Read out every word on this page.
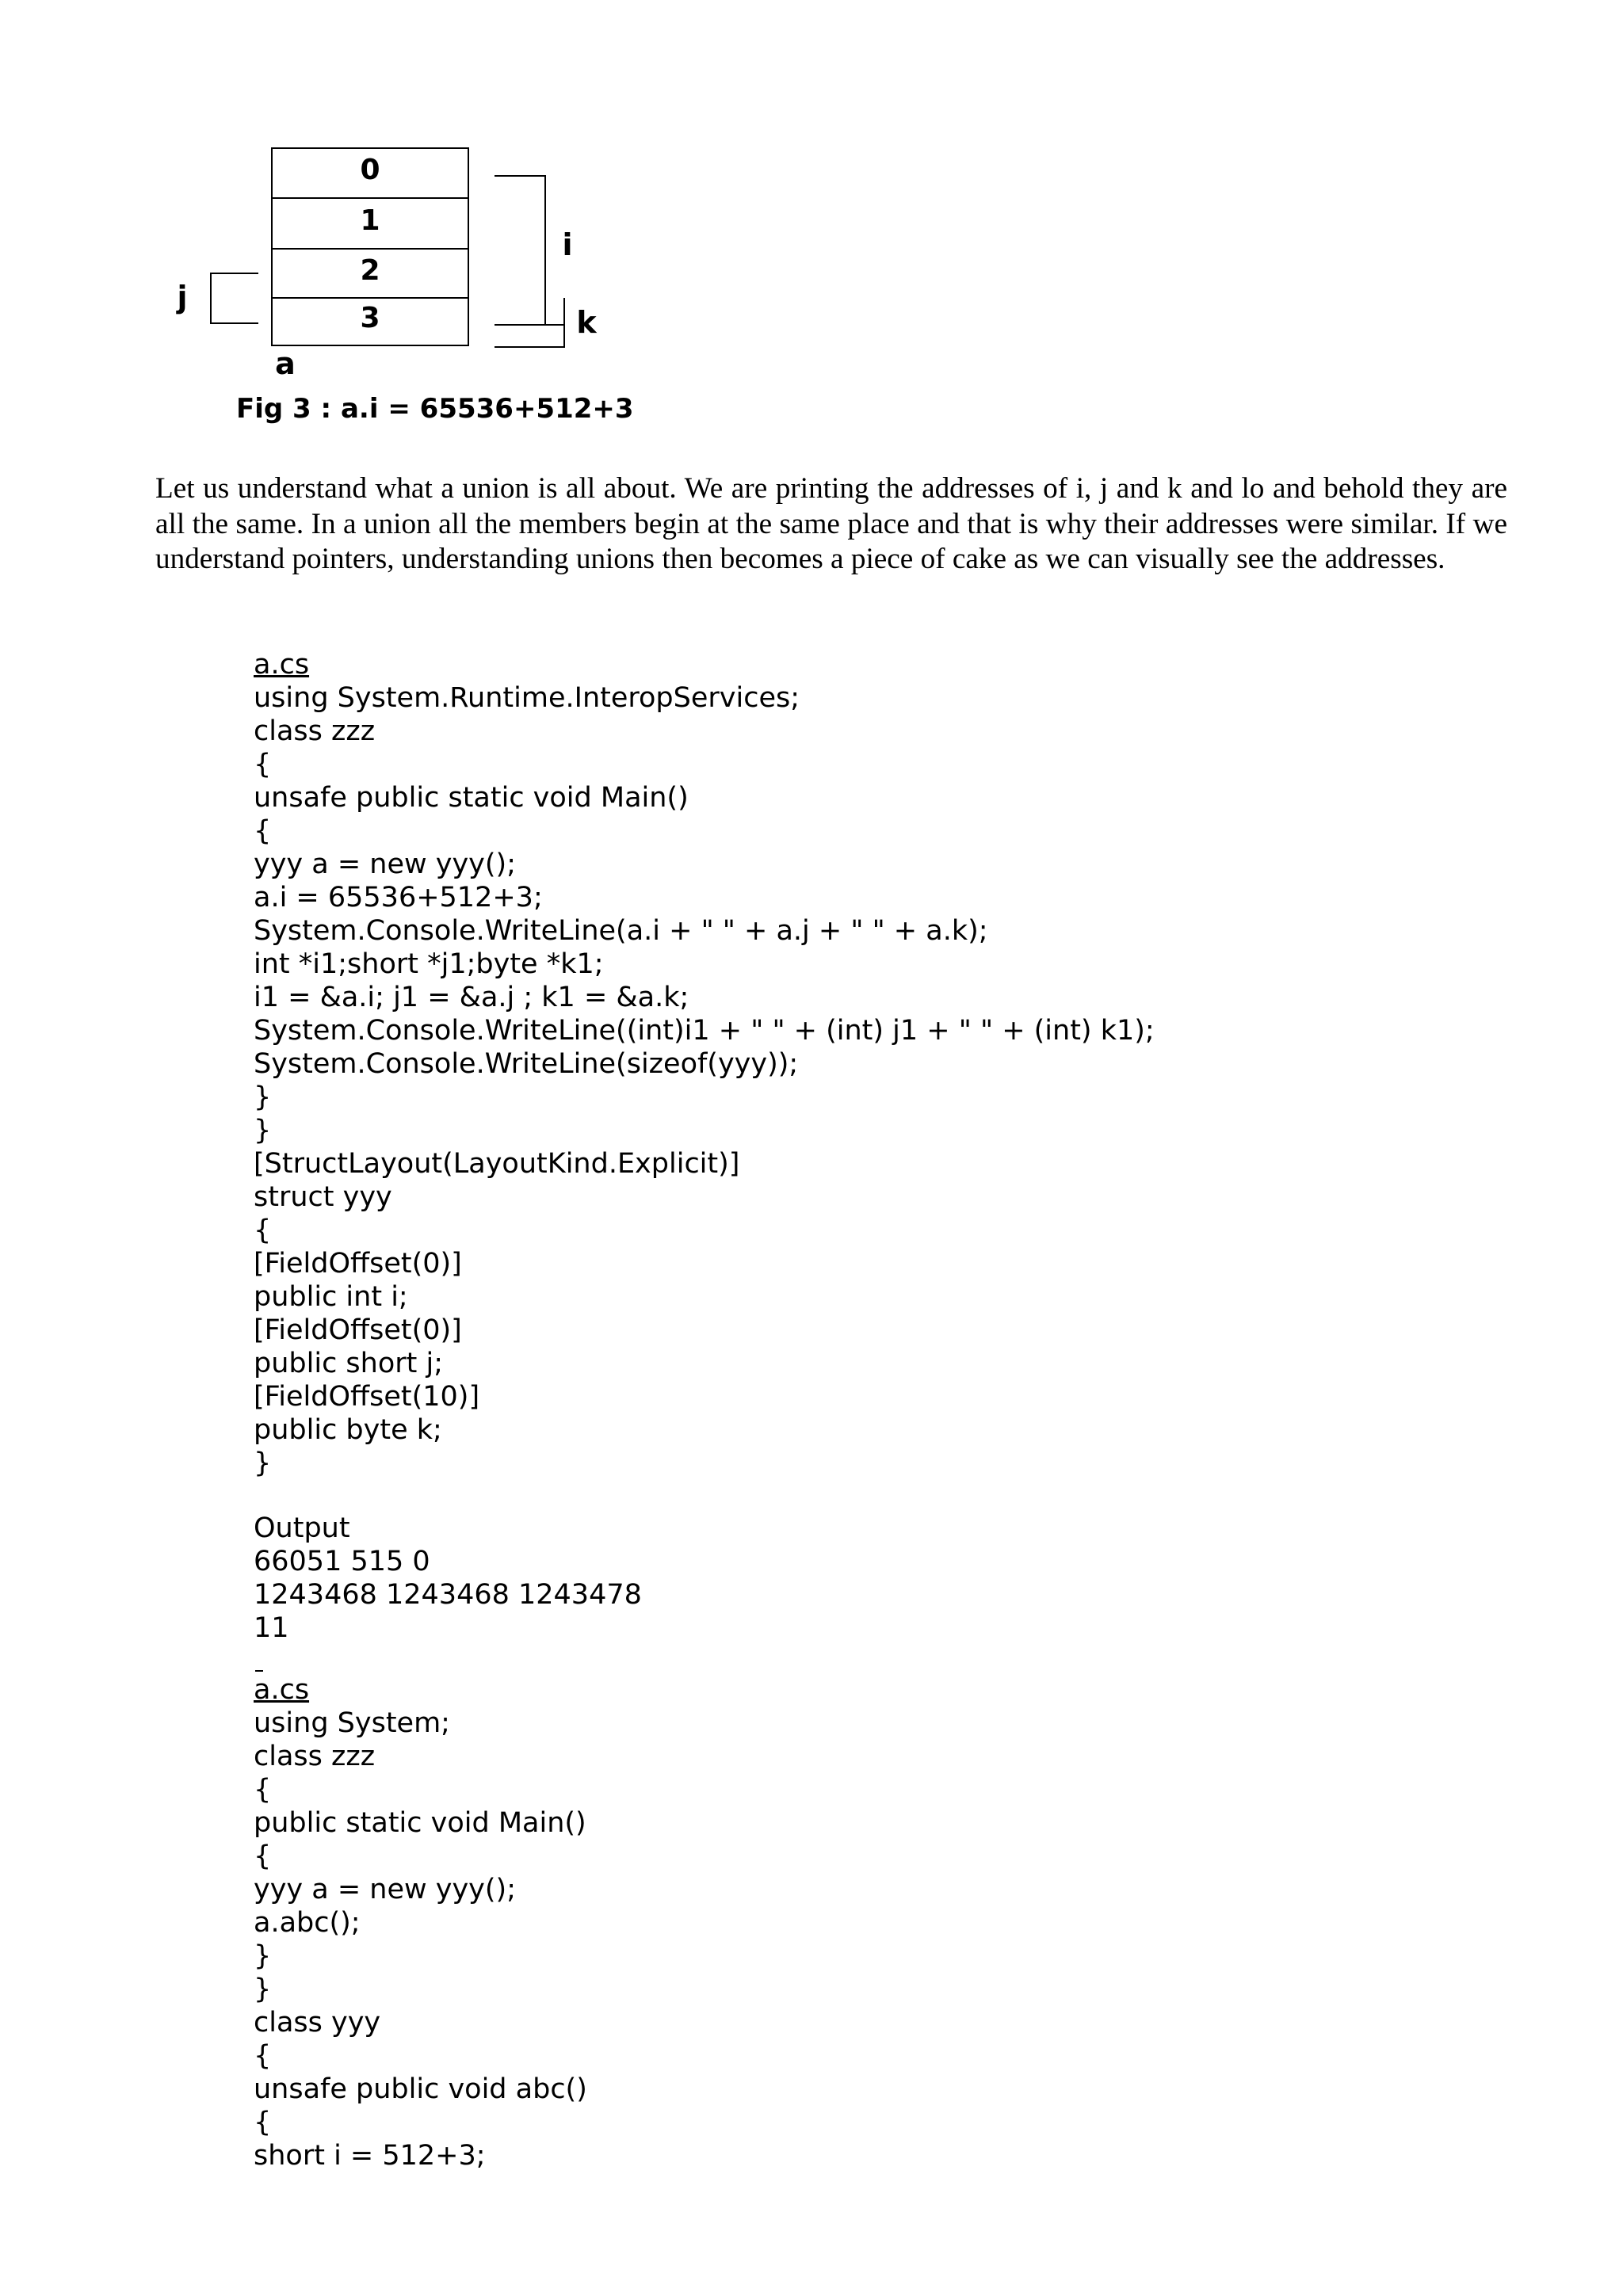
0
1
2
3
i
k
j
a
Fig 3 : a.i = 65536+512+3

Let us understand what a union is all about. We are printing the addresses of i, j and k and lo and behold they are all the same. In a union all the members begin at the same place and that is why their addresses were similar. If we understand pointers, understanding unions then becomes a piece of cake as we can visually see the addresses.

a.cs

using System.Runtime.InteropServices;
class zzz
{
unsafe public static void Main()
{
yyy a = new yyy();
a.i = 65536+512+3;
System.Console.WriteLine(a.i + " " + a.j + " " + a.k);
int *i1;short *j1;byte *k1;
i1 = &a.i; j1 = &a.j ; k1 = &a.k;
System.Console.WriteLine((int)i1 + " " + (int) j1 + " " + (int) k1);
System.Console.WriteLine(sizeof(yyy));
}
}
[StructLayout(LayoutKind.Explicit)]
struct yyy
{
[FieldOffset(0)]
public int i;
[FieldOffset(0)]
public short j;
[FieldOffset(10)]
public byte k;
}

Output

66051 515 0
1243468 1243468 1243478
11

a.cs

using System;
class zzz
{
public static void Main()
{
yyy a = new yyy();
a.abc();
}
}
class yyy
{
unsafe public void abc()
{
short i = 512+3;
